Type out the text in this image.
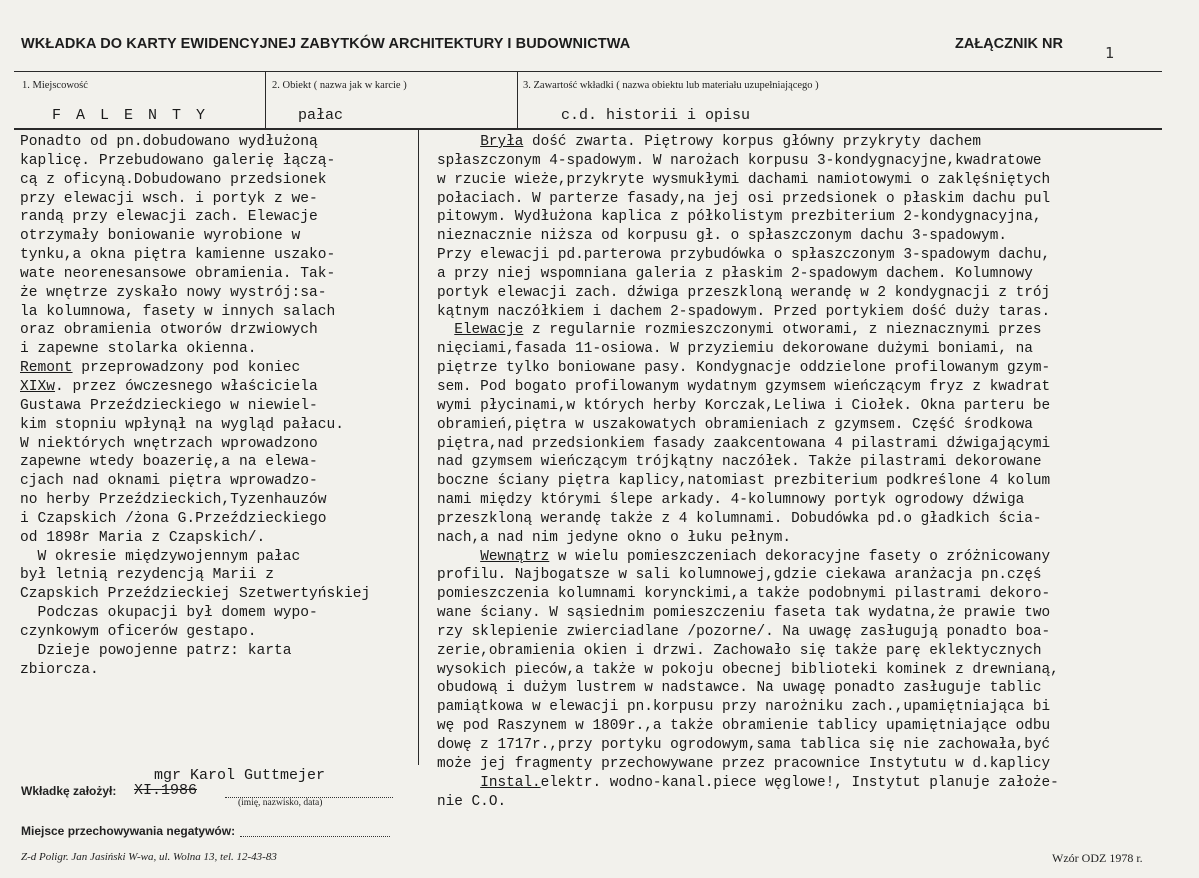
WKŁADKA DO KARTY EWIDENCYJNEJ ZABYTKÓW ARCHITEKTURY I BUDOWNICTWA	ZAŁĄCZNIK NR	1
1. Miejscowość
F A L E N T Y
2. Obiekt ( nazwa jak w karcie )
pałac
3. Zawartość wkładki ( nazwa obiektu lub materiału uzupełniającego )
c.d. historii i opisu
Ponadto od pn.dobudowano wydłużoną
kaplicę. Przebudowano galerię łączą-
cą z oficyną.Dobudowano przedsionek
przy elewacji wsch. i portyk z we-
randą przy elewacji zach. Elewacje
otrzymały boniowanie wyrobione w
tynku,a okna piętra kamienne uszako-
wate neorenesansowe obramienia. Tak-
że wnętrze zyskało nowy wystrój:sa-
la kolumnowa, fasety w innych salach
oraz obramienia otworów drzwiowych
i zapewne stolarka okienna.
Remont przeprowadzony pod koniec
XIXw. przez ówczesnego właściciela
Gustawa Przeździeckiego w niewiel-
kim stopniu wpłynął na wygląd pałacu.
W niektórych wnętrzach wprowadzono
zapewne wtedy boazerię,a na elewa-
cjach nad oknami piętra wprowadzo-
no herby Przeździeckich,Tyzenhauzów
i Czapskich /żona G.Przeździeckiego
od 1898r Maria z Czapskich/.
W okresie międzywojennym pałac
był letnią rezydencją Marii z
Czapskich Przeździeckiej Szetwertyńskiej
Podczas okupacji był domem wypo-
czynkowym oficerów gestapo.
Dzieje powojenne patrz: karta
zbiorcza.
Bryła dość zwarta. Piętrowy korpus główny przykryty dachem
spłaszczonym 4-spadowym. W narożach korpusu 3-kondygnacyjne,kwadratowe
w rzucie wieże,przykryte wysmukłymi dachami namiotowymi o zaklęśniętych
połaciach. W parterze fasady,na jej osi przedsionek o płaskim dachu pul
pitowym. Wydłużona kaplica z półkolistym prezbiterium 2-kondygnacyjna,
nieznacznie niższa od korpusu gł. o spłaszczonym dachu 3-spadowym.
Przy elewacji pd.parterowa przybudówka o spłaszczonym 3-spadowym dachu,
a przy niej wspomniana galeria z płaskim 2-spadowym dachem. Kolumnowy
portyk elewacji zach. dźwiga przeszkloną werandę w 2 kondygnacji z trój
kątnym naczółkiem i dachem 2-spadowym. Przed portykiem dość duży taras.
Elewacje z regularnie rozmieszczonymi otworami, z nieznacznymi przes
nięciami,fasada 11-osiowa. W przyziemiu dekorowane dużymi boniami, na
piętrze tylko boniowane pasy. Kondygnacje oddzielone profilowanym gzym-
sem. Pod bogato profilowanym wydatnym gzymsem wieńczącym fryz z kwadrat
wymi płycinami,w których herby Korczak,Leliwa i Ciołek. Okna parteru be
obramień,piętra w uszakowatych obramieniach z gzymsem. Część środkowa
piętra,nad przedsionkiem fasady zaakcentowana 4 pilastrami dźwigającymi
nad gzymsem wieńczącym trójkątny naczółek. Także pilastrami dekorowane
boczne ściany piętra kaplicy,natomiast prezbiterium podkreślone 4 kolum
nami między którymi ślepe arkady. 4-kolumnowy portyk ogrodowy dźwiga
przeszkloną werandę także z 4 kolumnami. Dobudówka pd.o gładkich ścia-
nach,a nad nim jedyne okno o łuku pełnym.
Wewnątrz w wielu pomieszczeniach dekoracyjne fasety o zróżnicowany
profilu. Najbogatsze w sali kolumnowej,gdzie ciekawa aranżacja pn.częś
pomieszczenia kolumnami korynckimi,a także podobnymi pilastrami dekoro-
wane ściany. W sąsiednim pomieszczeniu faseta tak wydatna,że prawie two
rzy sklepienie zwierciadlane /pozorne/. Na uwagę zasługują ponadto boa-
zerie,obramienia okien i drzwi. Zachowało się także parę eklektycznych
wysokich pieców,a także w pokoju obecnej biblioteki kominek z drewnianą,
obudową i dużym lustrem w nadstawce. Na uwagę ponadto zasługuje tablic
pamiątkowa w elewacji pn.korpusu przy narożniku zach.,upamiętniająca bi
wę pod Raszynem w 1809r.,a także obramienie tablicy upamiętniające odbu
dowę z 1717r.,przy portyku ogrodowym,sama tablica się nie zachowała,być
może jej fragmenty przechowywane przez pracownice Instytutu w d.kaplicy
Instal.elektr. wodno-kanal.piece węglowe!, Instytut planuje założe-
nie C.O.
mgr Karol Guttmejer
Wkładkę założył: XI.1986
(imię, nazwisko, data)
Miejsce przechowywania negatywów:
Z-d Poligr. Jan Jasiński W-wa, ul. Wolna 13, tel. 12-43-83	Wzór ODZ 1978 r.
